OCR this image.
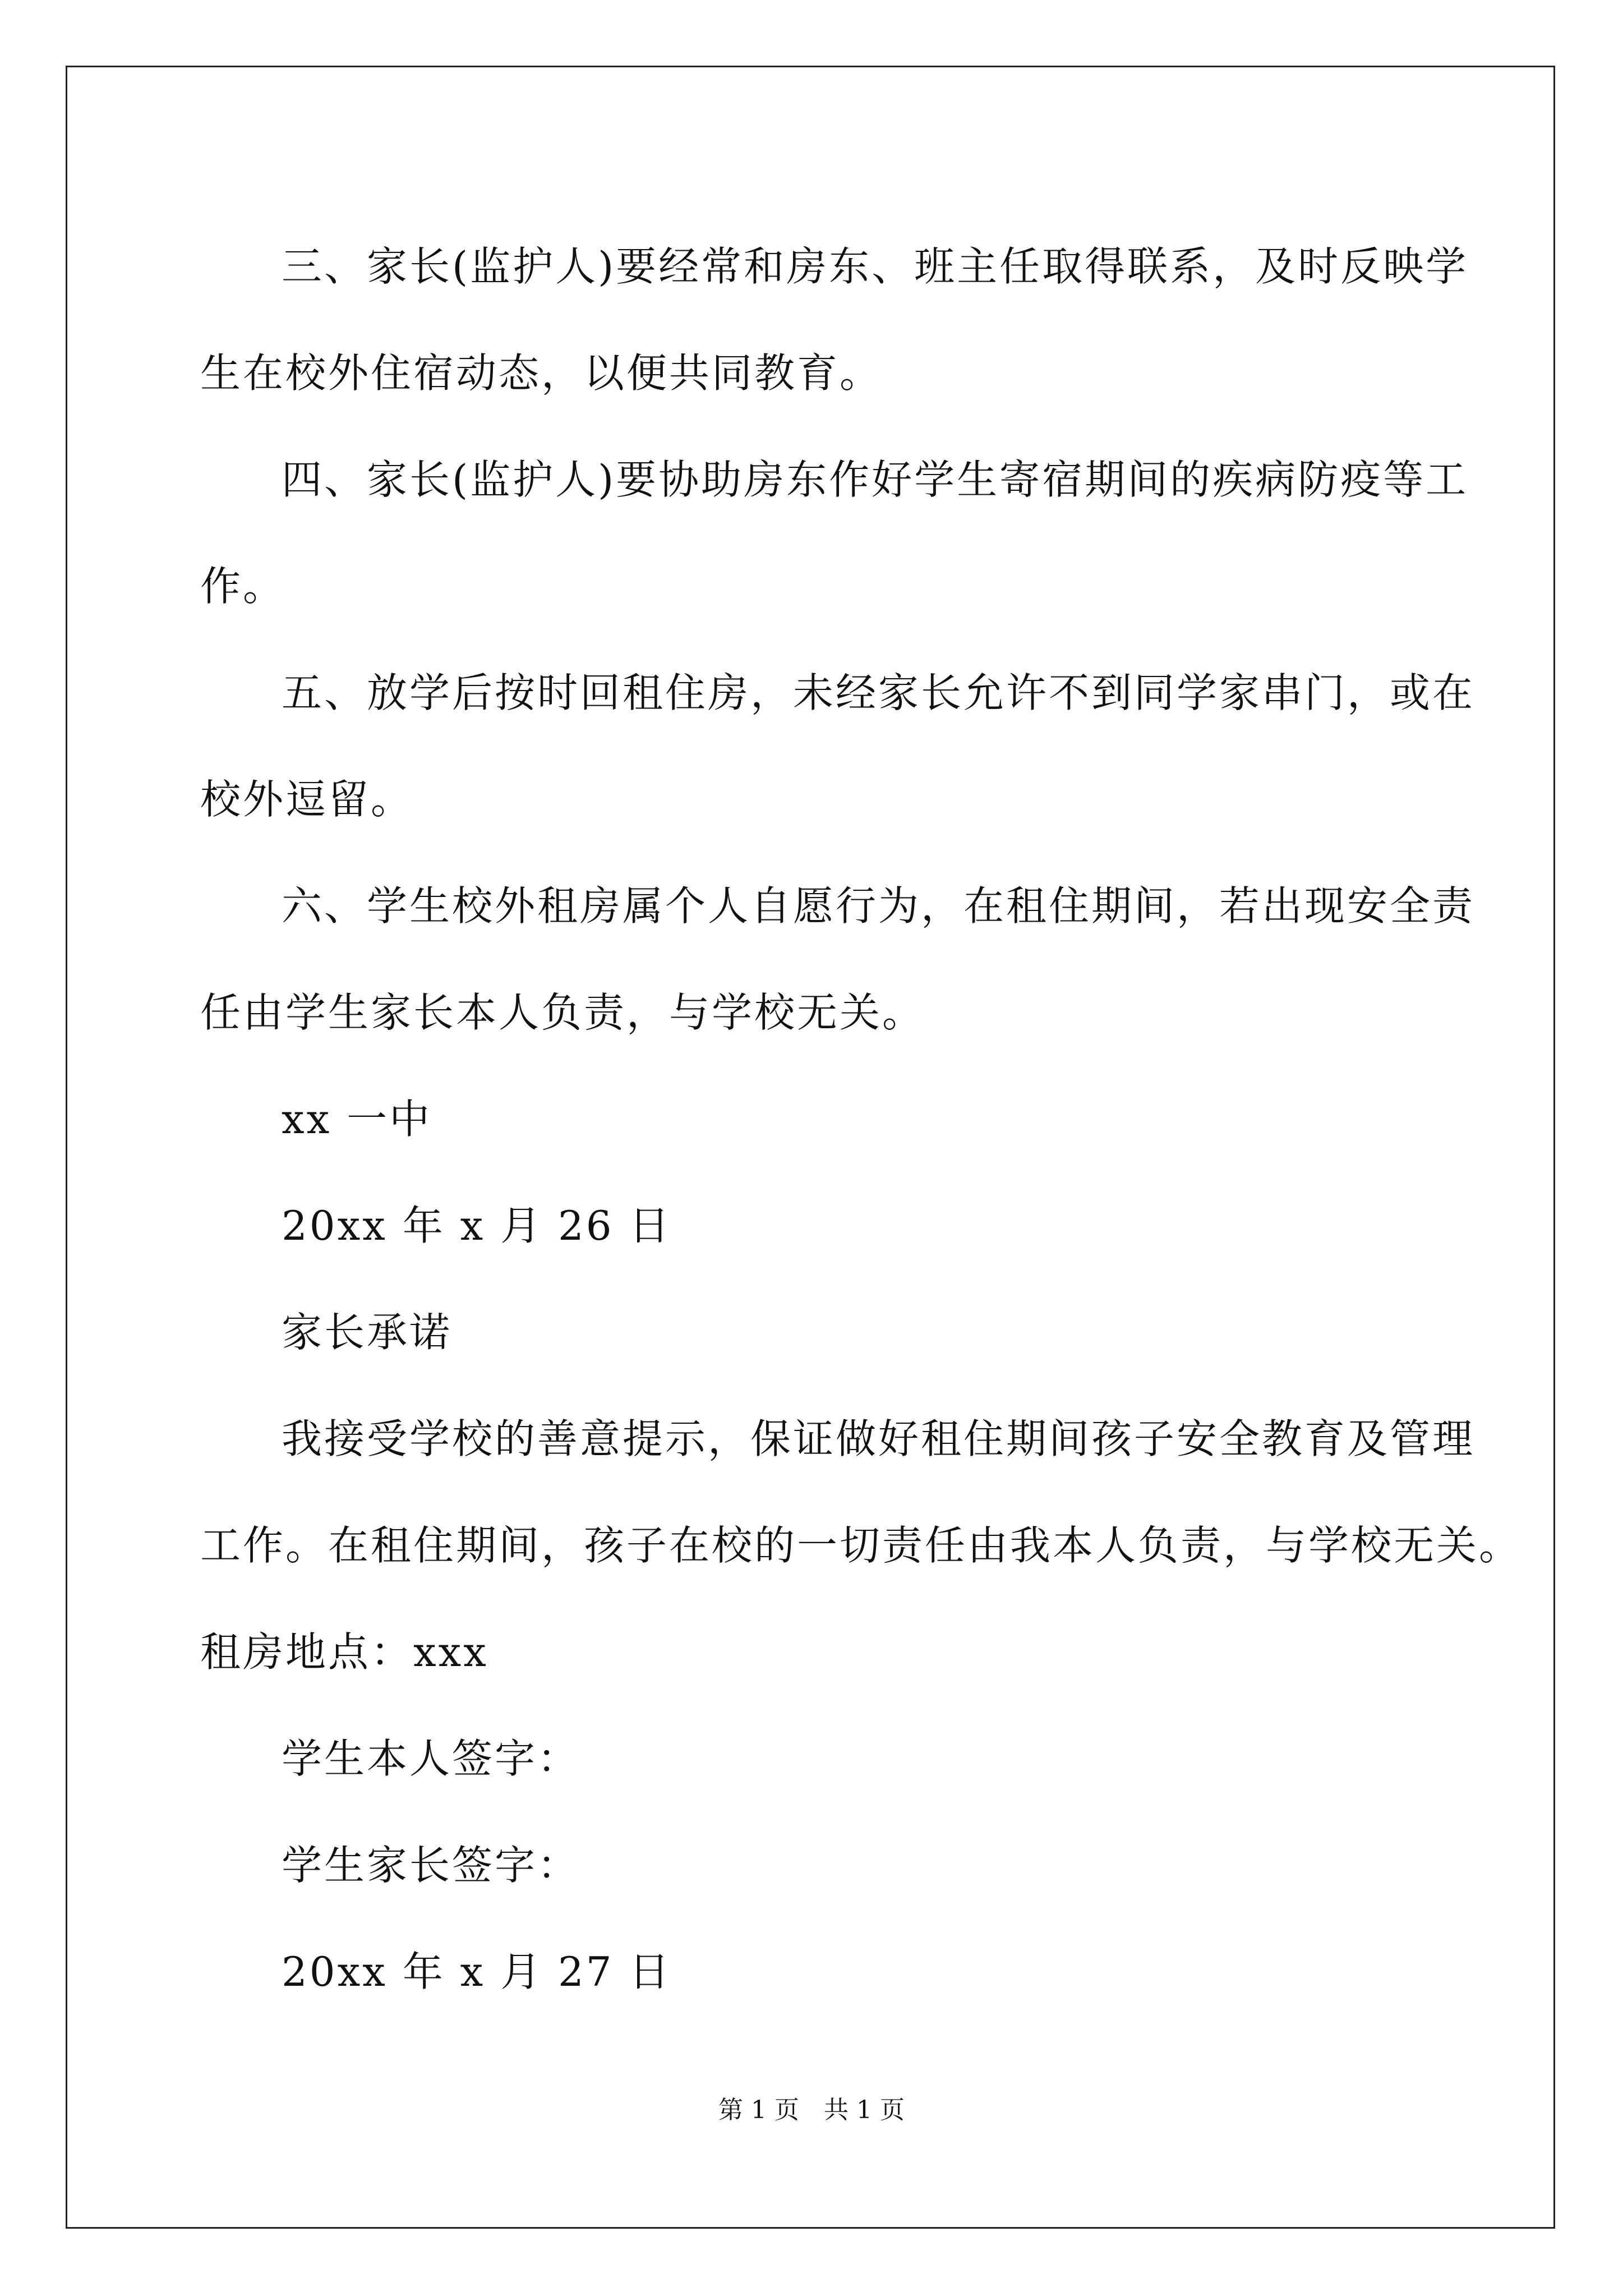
三、家长(监护人)要经常和房东、班主任取得联系，及时反映学

生在校外住宿动态，以便共同教育。

四、家长(监护人)要协助房东作好学生寄宿期间的疾病防疫等工

作。

五、放学后按时回租住房，未经家长允许不到同学家串门，或在

校外逗留。

六、学生校外租房属个人自愿行为，在租住期间，若出现安全责

任由学生家长本人负责，与学校无关。

xx 一中

20xx 年 x 月 26 日

家长承诺

我接受学校的善意提示，保证做好租住期间孩子安全教育及管理

工作。在租住期间，孩子在校的一切责任由我本人负责，与学校无关。

租房地点：xxx

学生本人签字：

学生家长签字：

20xx 年 x 月 27 日

第 1 页　共 1 页
